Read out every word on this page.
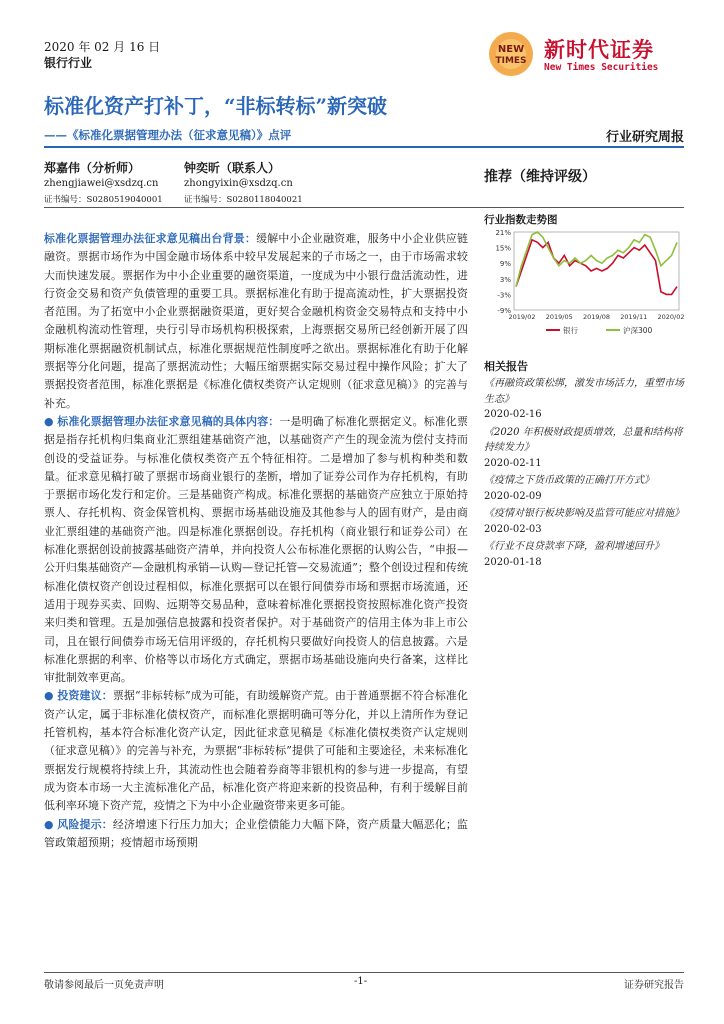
2020 年 02 月 16 日
银行行业
NEW
TIMES 新时代证券
New Times Securities
标准化资产打补丁，“非标转标”新突破
——《标准化票据管理办法（征求意见稿）》点评	行业研究周报
郑嘉伟（分析师）
zhengjiawei@xsdzq.cn
证书编号：S0280519040001
钟奕昕（联系人）
zhongyixin@xsdzq.cn
证书编号：S0280118040021
推荐（维持评级）
行业指数走势图
21%
15%
9%
3%
-3%
-9%
2019/02 2019/05 2019/08 2019/11 2020/02
银行	沪深300
相关报告
《再融资政策松绑，激发市场活力，重塑市场生态》
2020-02-16
《2020 年积极财政提质增效，总量和结构将持续发力》
2020-02-11
《疫情之下货币政策的正确打开方式》
2020-02-09
《疫情对银行板块影响及监管可能应对措施》
2020-02-03
《行业不良贷款率下降，盈利增速回升》
2020-01-18

标准化票据管理办法征求意见稿出台背景：缓解中小企业融资难，服务中小企业供应链融资。票据市场作为中国金融市场体系中较早发展起来的子市场之一，由于市场需求较大而快速发展。票据作为中小企业重要的融资渠道，一度成为中小银行盘活流动性，进行资金交易和资产负债管理的重要工具。票据标准化有助于提高流动性，扩大票据投资者范围。为了拓宽中小企业票据融资渠道，更好契合金融机构资金交易特点和支持中小金融机构流动性管理，央行引导市场机构积极探索，上海票据交易所已经创新开展了四期标准化票据融资机制试点，标准化票据规范性制度呼之欲出。票据标准化有助于化解票据等分化问题，提高了票据流动性；大幅压缩票据实际交易过程中操作风险；扩大了票据投资者范围，标准化票据是《标准化债权类资产认定规则（征求意见稿）》的完善与补充。

● 标准化票据管理办法征求意见稿的具体内容：一是明确了标准化票据定义。标准化票据是指存托机构归集商业汇票组建基础资产池，以基础资产产生的现金流为偿付支持而创设的受益证券。与标准化债权类资产五个特征相符。二是增加了参与机构种类和数量。征求意见稿打破了票据市场商业银行的垄断，增加了证券公司作为存托机构，有助于票据市场化发行和定价。三是基础资产构成。标准化票据的基础资产应独立于原始持票人、存托机构、资金保管机构、票据市场基础设施及其他参与人的固有财产，是由商业汇票组建的基础资产池。四是标准化票据创设。存托机构（商业银行和证券公司）在标准化票据创设前披露基础资产清单，并向投资人公布标准化票据的认购公告，“申报—公开归集基础资产—金融机构承销—认购—登记托管—交易流通”；整个创设过程和传统标准化债权资产创设过程相似，标准化票据可以在银行间债券市场和票据市场流通，还适用于现券买卖、回购、远期等交易品种，意味着标准化票据投资按照标准化资产投资来归类和管理。五是加强信息披露和投资者保护。对于基础资产的信用主体为非上市公司，且在银行间债券市场无信用评级的，存托机构只要做好向投资人的信息披露。六是标准化票据的利率、价格等以市场化方式确定，票据市场基础设施向央行备案，这样比审批制效率更高。

● 投资建议：票据“非标转标”成为可能，有助缓解资产荒。由于普通票据不符合标准化资产认定，属于非标准化债权资产，而标准化票据明确可等分化，并以上清所作为登记托管机构，基本符合标准化资产认定，因此征求意见稿是《标准化债权类资产认定规则（征求意见稿）》的完善与补充，为票据“非标转标”提供了可能和主要途径，未来标准化票据发行规模将持续上升，其流动性也会随着券商等非银机构的参与进一步提高，有望成为资本市场一大主流标准化产品，标准化资产将迎来新的投资品种，有利于缓解目前低利率环境下资产荒，疫情之下为中小企业融资带来更多可能。

● 风险提示：经济增速下行压力加大；企业偿债能力大幅下降，资产质量大幅恶化；监管政策超预期；疫情超市场预期

敬请参阅最后一页免责声明	-1-	证券研究报告
